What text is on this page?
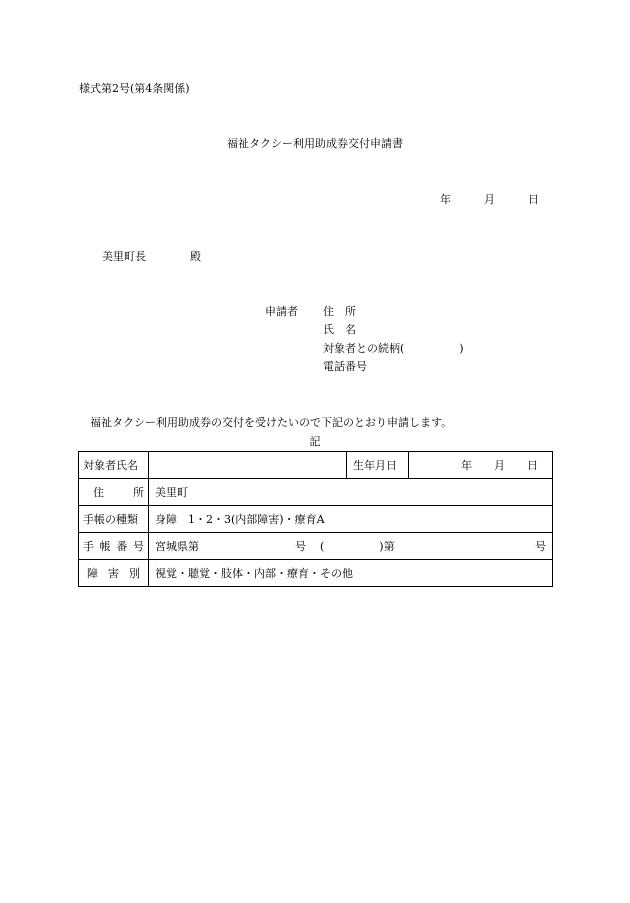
様式第2号(第4条関係)
福祉タクシー利用助成券交付申請書
年	月	日
美里町長	殿
申請者 住　所
氏　名
対象者との続柄(　　　　　)
電話番号
福祉タクシー利用助成券の交付を受けたいので下記のとおり申請します。
記
対象者氏名		生年月日	年 月 日

住 所	美里町		
手帳の種類	身障　1・2・3(内部障害)・療育A		

手 帳 番 号	宮城県第 号 (　　　　　)第 号		

障 害 別	視覚・聴覚・肢体・内部・療育・その他		
